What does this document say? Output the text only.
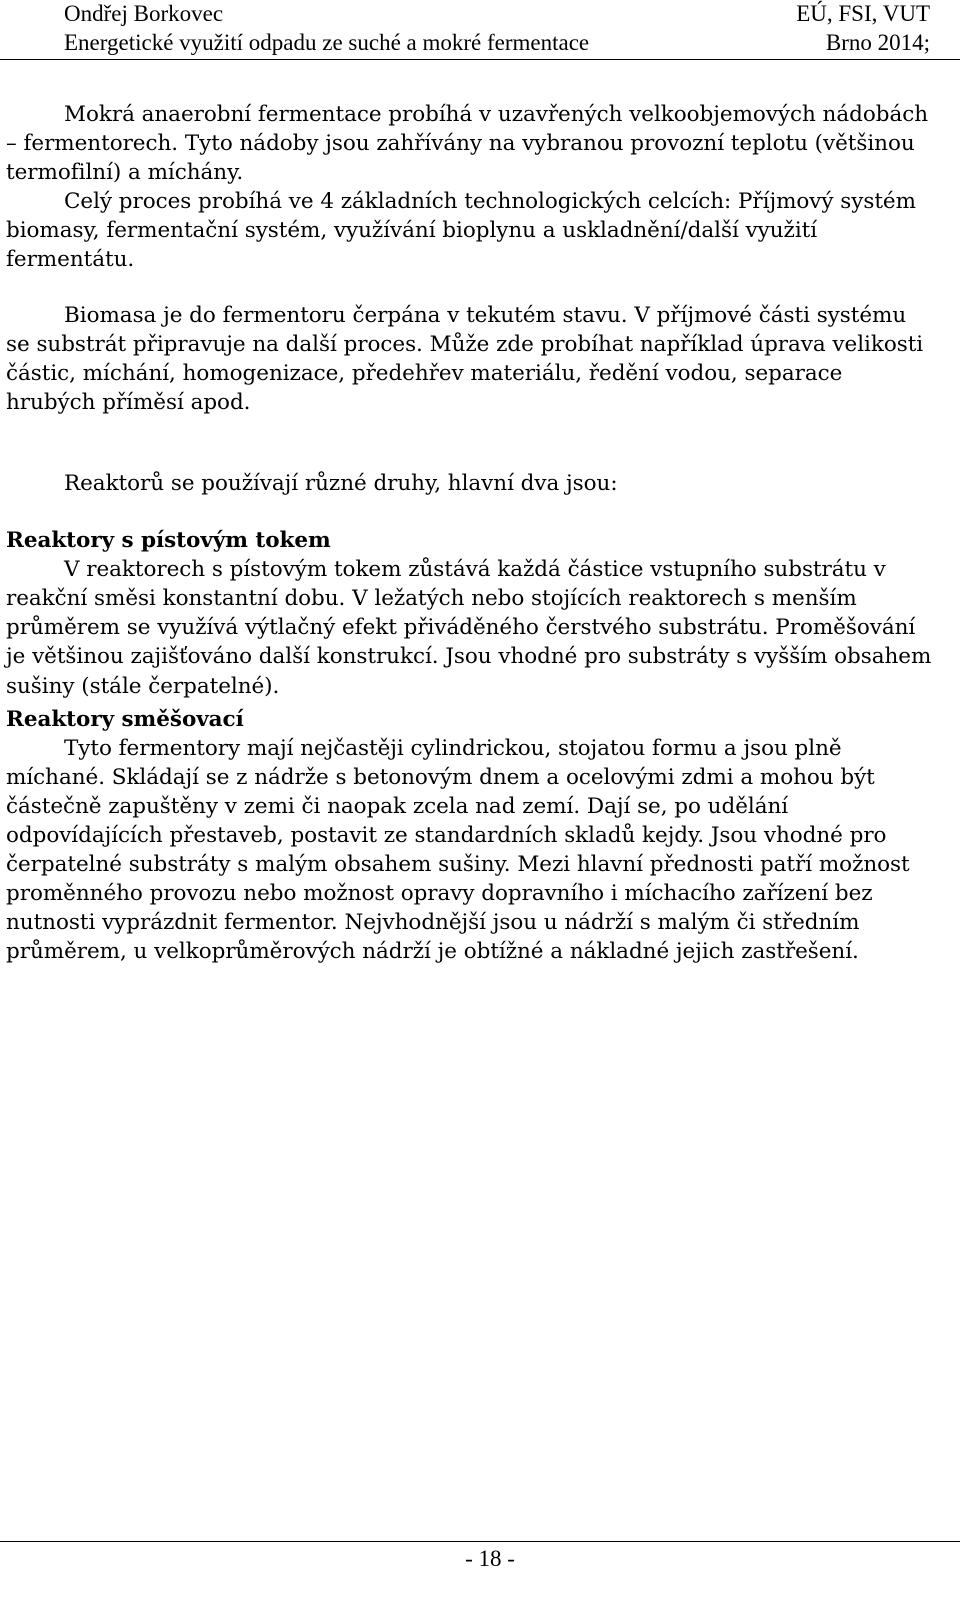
Ondřej Borkovec	EÚ, FSI, VUT
Energetické využití odpadu ze suché a mokré fermentace	Brno 2014;

Mokrá anaerobní fermentace probíhá v uzavřených velkoobjemových nádobách – fermentorech. Tyto nádoby jsou zahřívány na vybranou provozní teplotu (většinou termofilní) a míchány.

Celý proces probíhá ve 4 základních technologických celcích: Příjmový systém biomasy, fermentační systém, využívání bioplynu a uskladnění/další využití fermentátu.

Biomasa je do fermentoru čerpána v tekutém stavu. V příjmové části systému se substrát připravuje na další proces. Může zde probíhat například úprava velikosti částic, míchání, homogenizace, předehřev materiálu, ředění vodou, separace hrubých příměsí apod.

Reaktorů se používají různé druhy, hlavní dva jsou:

Reaktory s pístovým tokem

V reaktorech s pístovým tokem zůstává každá částice vstupního substrátu v reakční směsi konstantní dobu. V ležatých nebo stojících reaktorech s menším průměrem se využívá výtlačný efekt přiváděného čerstvého substrátu. Proměšování je většinou zajišťováno další konstrukcí. Jsou vhodné pro substráty s vyšším obsahem sušiny (stále čerpatelné).

Reaktory směšovací

Tyto fermentory mají nejčastěji cylindrickou, stojatou formu a jsou plně míchané. Skládají se z nádrže s betonovým dnem a ocelovými zdmi a mohou být částečně zapuštěny v zemi či naopak zcela nad zemí. Dají se, po udělání odpovídajících přestaveb, postavit ze standardních skladů kejdy. Jsou vhodné pro čerpatelné substráty s malým obsahem sušiny. Mezi hlavní přednosti patří možnost proměnného provozu nebo možnost opravy dopravního i míchacího zařízení bez nutnosti vyprázdnit fermentor. Nejvhodnější jsou u nádrží s malým či středním průměrem, u velkoprůměrových nádrží je obtížné a nákladné jejich zastřešení.

- 18 -
